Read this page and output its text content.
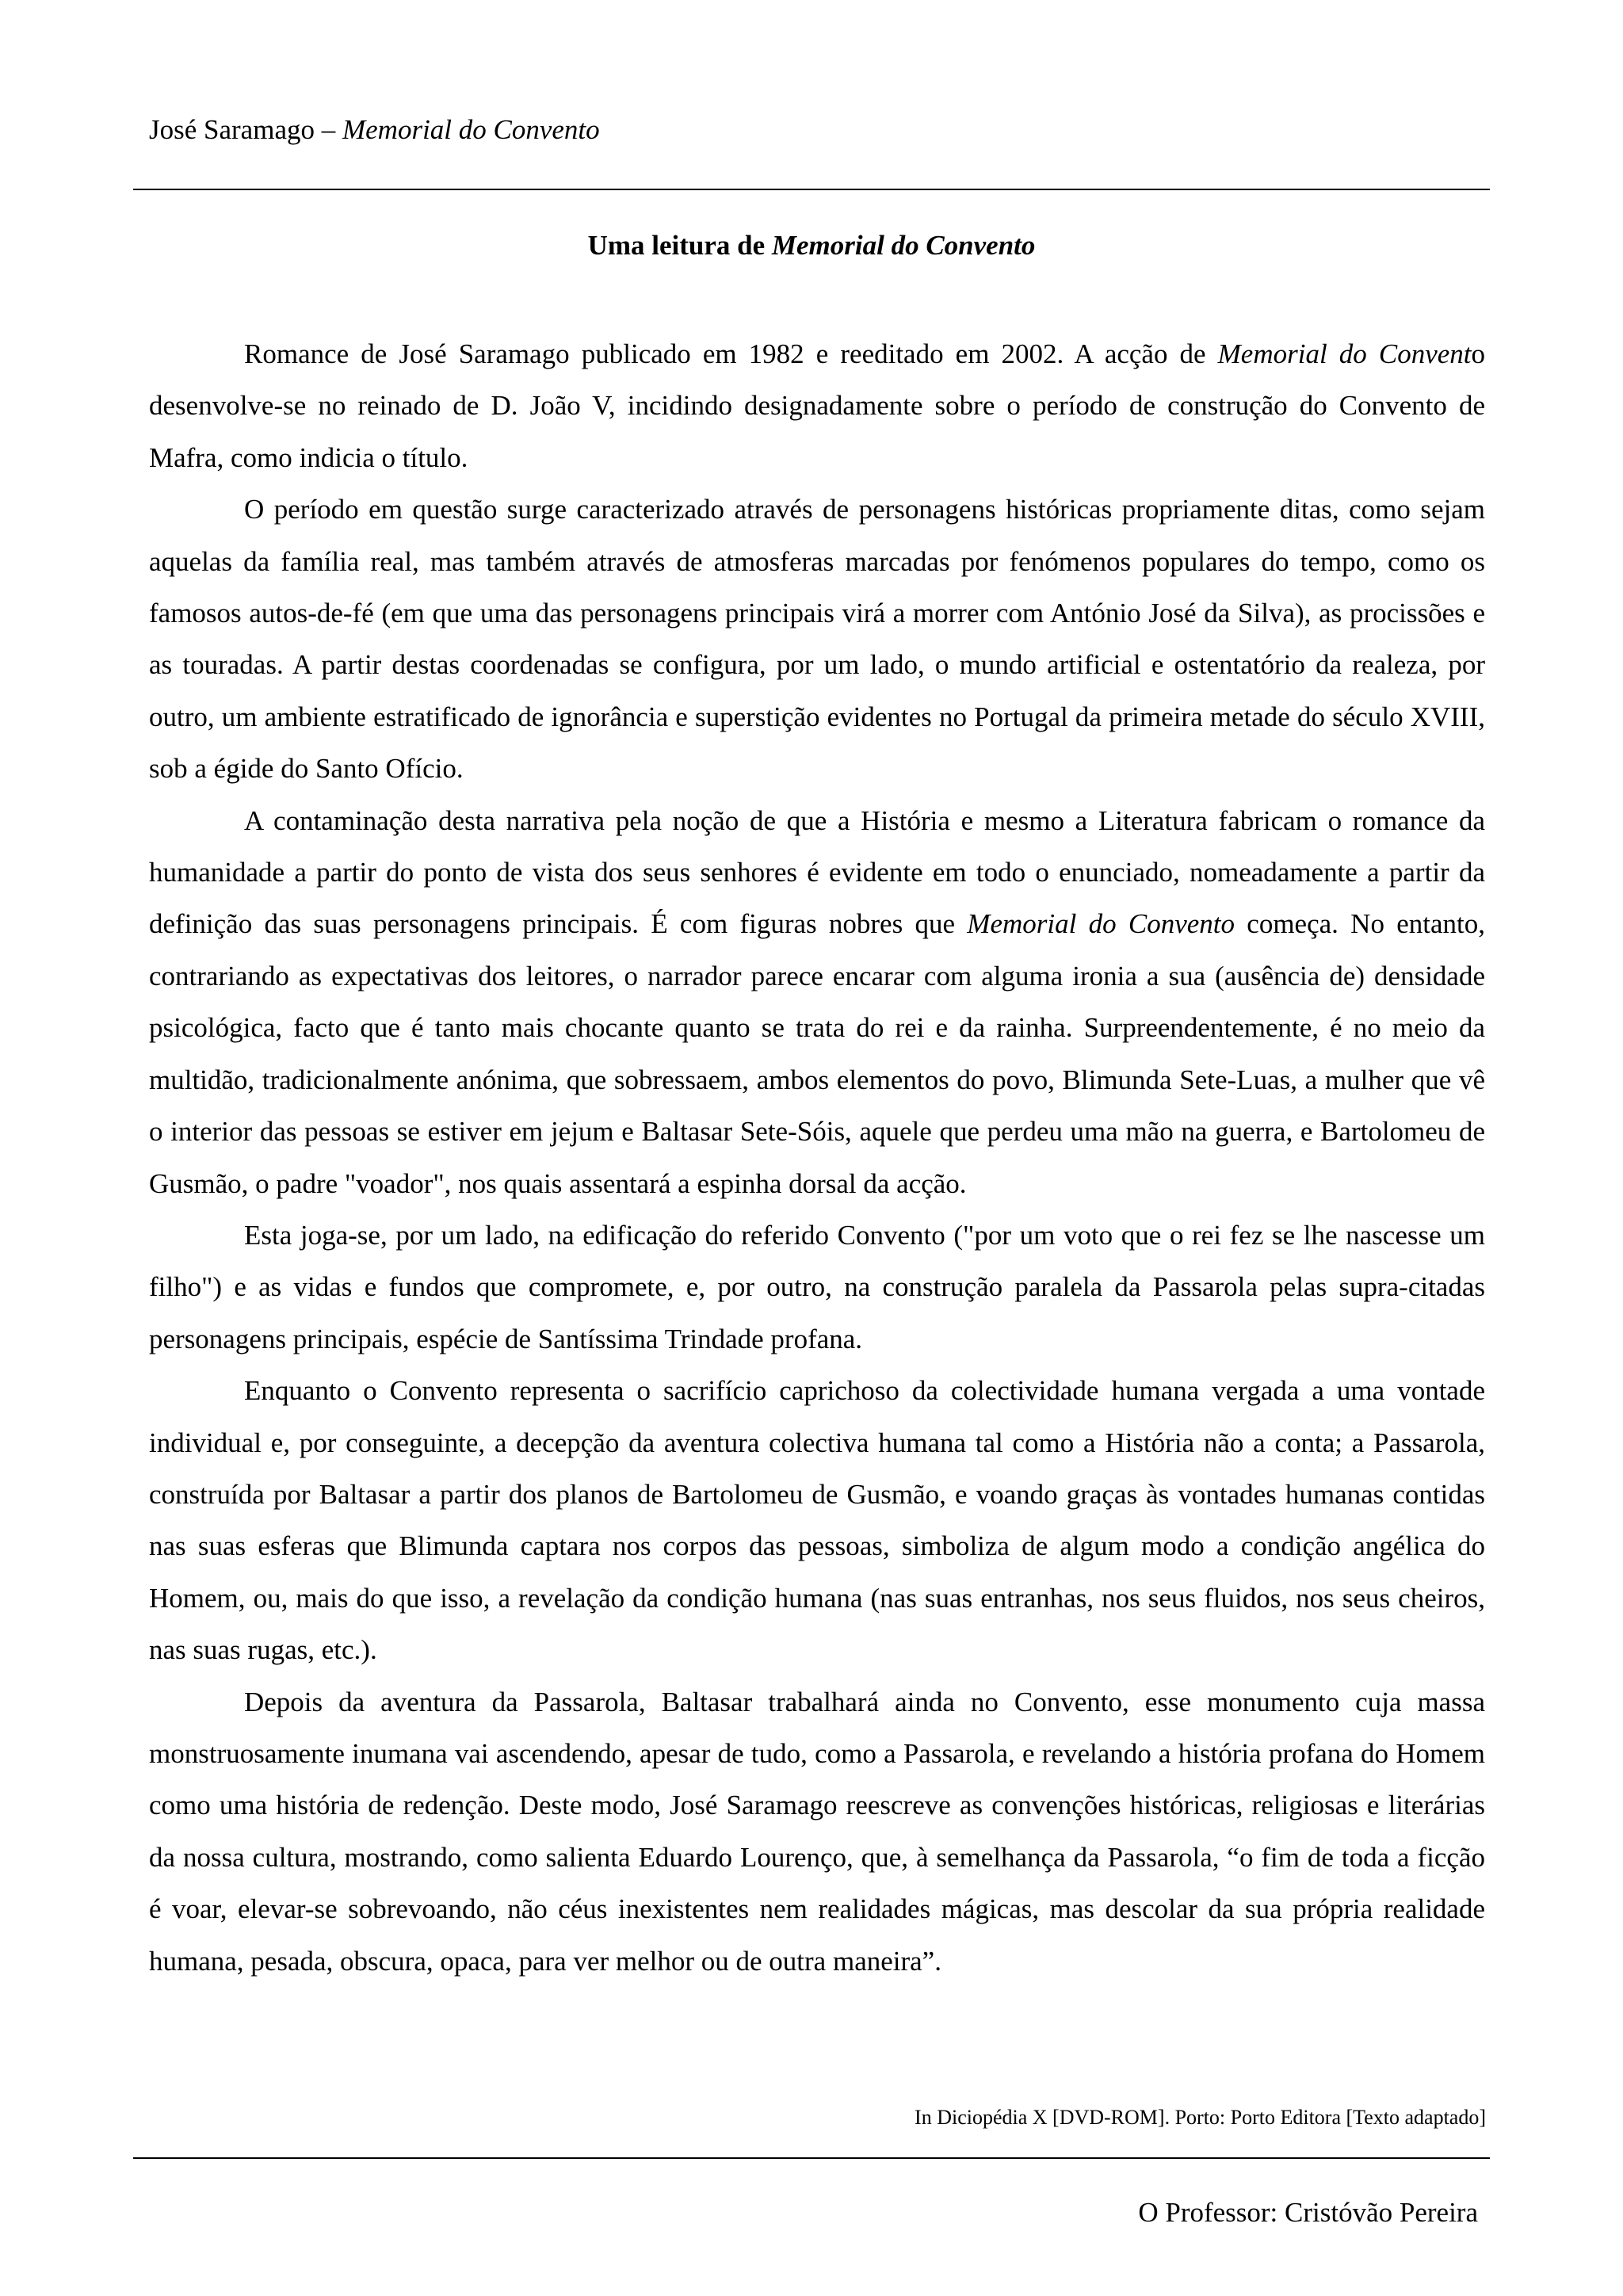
José Saramago – Memorial do Convento
Uma leitura de Memorial do Convento

Romance de José Saramago publicado em 1982 e reeditado em 2002. A acção de Memorial do Convento desenvolve-se no reinado de D. João V, incidindo designadamente sobre o período de construção do Convento de Mafra, como indicia o título.

O período em questão surge caracterizado através de personagens históricas propriamente ditas, como sejam aquelas da família real, mas também através de atmosferas marcadas por fenómenos populares do tempo, como os famosos autos-de-fé (em que uma das personagens principais virá a morrer com António José da Silva), as procissões e as touradas. A partir destas coordenadas se configura, por um lado, o mundo artificial e ostentatório da realeza, por outro, um ambiente estratificado de ignorância e superstição evidentes no Portugal da primeira metade do século XVIII, sob a égide do Santo Ofício.

A contaminação desta narrativa pela noção de que a História e mesmo a Literatura fabricam o romance da humanidade a partir do ponto de vista dos seus senhores é evidente em todo o enunciado, nomeadamente a partir da definição das suas personagens principais. É com figuras nobres que Memorial do Convento começa. No entanto, contrariando as expectativas dos leitores, o narrador parece encarar com alguma ironia a sua (ausência de) densidade psicológica, facto que é tanto mais chocante quanto se trata do rei e da rainha. Surpreendentemente, é no meio da multidão, tradicionalmente anónima, que sobressaem, ambos elementos do povo, Blimunda Sete-Luas, a mulher que vê o interior das pessoas se estiver em jejum e Baltasar Sete-Sóis, aquele que perdeu uma mão na guerra, e Bartolomeu de Gusmão, o padre "voador", nos quais assentará a espinha dorsal da acção.

Esta joga-se, por um lado, na edificação do referido Convento ("por um voto que o rei fez se lhe nascesse um filho") e as vidas e fundos que compromete, e, por outro, na construção paralela da Passarola pelas supra-citadas personagens principais, espécie de Santíssima Trindade profana.

Enquanto o Convento representa o sacrifício caprichoso da colectividade humana vergada a uma vontade individual e, por conseguinte, a decepção da aventura colectiva humana tal como a História não a conta; a Passarola, construída por Baltasar a partir dos planos de Bartolomeu de Gusmão, e voando graças às vontades humanas contidas nas suas esferas que Blimunda captara nos corpos das pessoas, simboliza de algum modo a condição angélica do Homem, ou, mais do que isso, a revelação da condição humana (nas suas entranhas, nos seus fluidos, nos seus cheiros, nas suas rugas, etc.).

Depois da aventura da Passarola, Baltasar trabalhará ainda no Convento, esse monumento cuja massa monstruosamente inumana vai ascendendo, apesar de tudo, como a Passarola, e revelando a história profana do Homem como uma história de redenção. Deste modo, José Saramago reescreve as convenções históricas, religiosas e literárias da nossa cultura, mostrando, como salienta Eduardo Lourenço, que, à semelhança da Passarola, “o fim de toda a ficção é voar, elevar-se sobrevoando, não céus inexistentes nem realidades mágicas, mas descolar da sua própria realidade humana, pesada, obscura, opaca, para ver melhor ou de outra maneira”.

In Diciopédia X [DVD-ROM]. Porto: Porto Editora [Texto adaptado]
O Professor: Cristóvão Pereira
